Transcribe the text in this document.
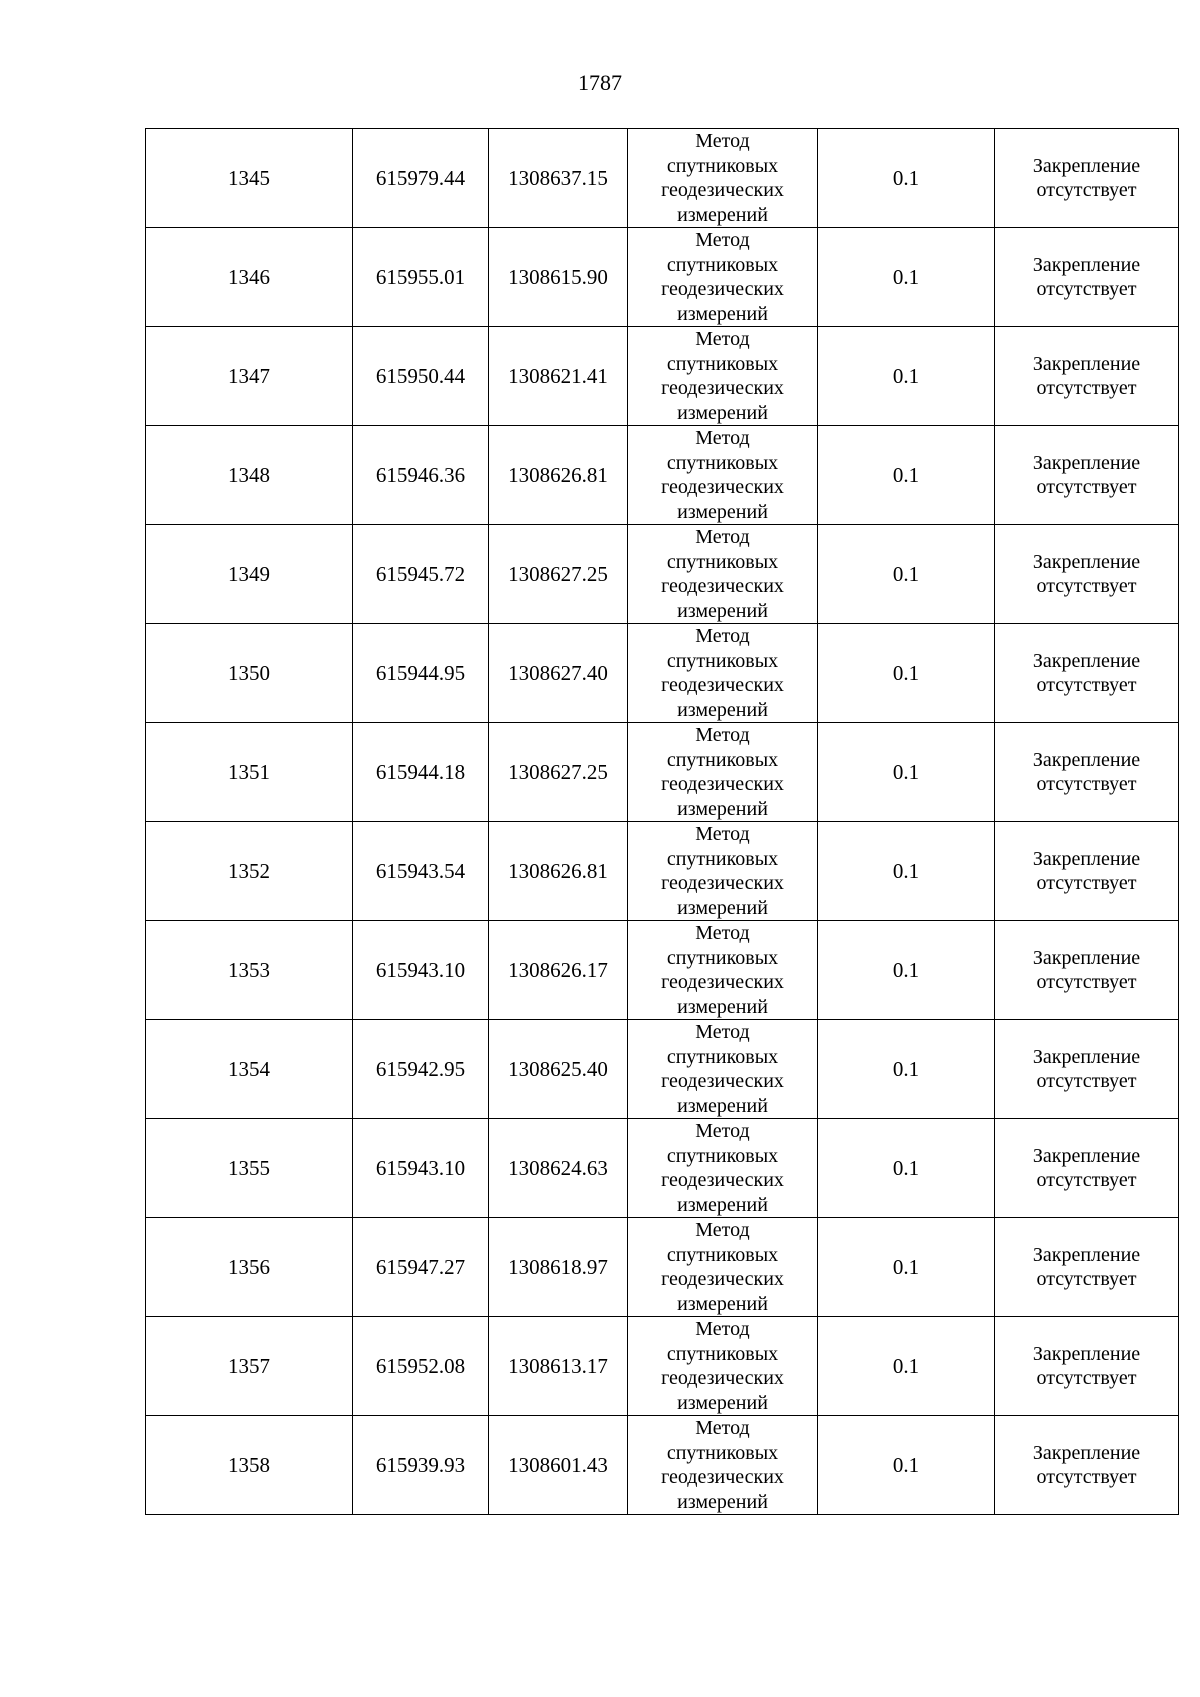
1787
1345	615979.44	1308637.15	Метод
спутниковых
геодезических
измерений	0.1	Закрепление
отсутствует

1346	615955.01	1308615.90	Метод
спутниковых
геодезических
измерений	0.1	Закрепление
отсутствует

1347	615950.44	1308621.41	Метод
спутниковых
геодезических
измерений	0.1	Закрепление
отсутствует

1348	615946.36	1308626.81	Метод
спутниковых
геодезических
измерений	0.1	Закрепление
отсутствует

1349	615945.72	1308627.25	Метод
спутниковых
геодезических
измерений	0.1	Закрепление
отсутствует

1350	615944.95	1308627.40	Метод
спутниковых
геодезических
измерений	0.1	Закрепление
отсутствует

1351	615944.18	1308627.25	Метод
спутниковых
геодезических
измерений	0.1	Закрепление
отсутствует

1352	615943.54	1308626.81	Метод
спутниковых
геодезических
измерений	0.1	Закрепление
отсутствует

1353	615943.10	1308626.17	Метод
спутниковых
геодезических
измерений	0.1	Закрепление
отсутствует

1354	615942.95	1308625.40	Метод
спутниковых
геодезических
измерений	0.1	Закрепление
отсутствует

1355	615943.10	1308624.63	Метод
спутниковых
геодезических
измерений	0.1	Закрепление
отсутствует

1356	615947.27	1308618.97	Метод
спутниковых
геодезических
измерений	0.1	Закрепление
отсутствует

1357	615952.08	1308613.17	Метод
спутниковых
геодезических
измерений	0.1	Закрепление
отсутствует

1358	615939.93	1308601.43	Метод
спутниковых
геодезических
измерений	0.1	Закрепление
отсутствует
